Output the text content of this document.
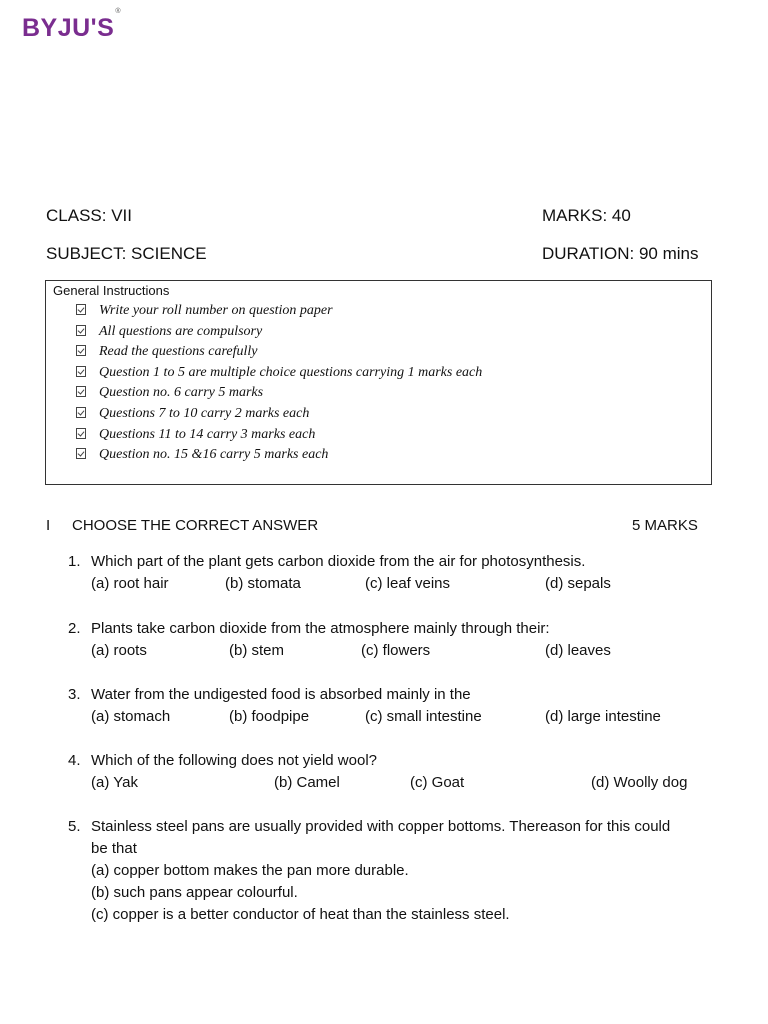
BYJU'S®
CLASS: VII	MARKS: 40
SUBJECT: SCIENCE	DURATION: 90 mins
General Instructions
Write your roll number on question paper
All questions are compulsory
Read the questions carefully
Question 1 to 5 are multiple choice questions carrying 1 marks each
Question no. 6 carry 5 marks
Questions 7 to 10 carry 2 marks each
Questions 11 to 14 carry 3 marks each
Question no. 15 &16 carry 5 marks each
I CHOOSE THE CORRECT ANSWER	5 MARKS
1. Which part of the plant gets carbon dioxide from the air for photosynthesis.
(a) root hair	(b) stomata	(c) leaf veins	(d) sepals
2. Plants take carbon dioxide from the atmosphere mainly through their:
(a) roots	(b) stem	(c) flowers	(d) leaves
3. Water from the undigested food is absorbed mainly in the
(a) stomach	(b) foodpipe	(c) small intestine	(d) large intestine
4. Which of the following does not yield wool?
(a) Yak	(b) Camel	(c) Goat	(d) Woolly dog
5. Stainless steel pans are usually provided with copper bottoms. Thereason for this could
be that
(a) copper bottom makes the pan more durable.
(b) such pans appear colourful.
(c) copper is a better conductor of heat than the stainless steel.
